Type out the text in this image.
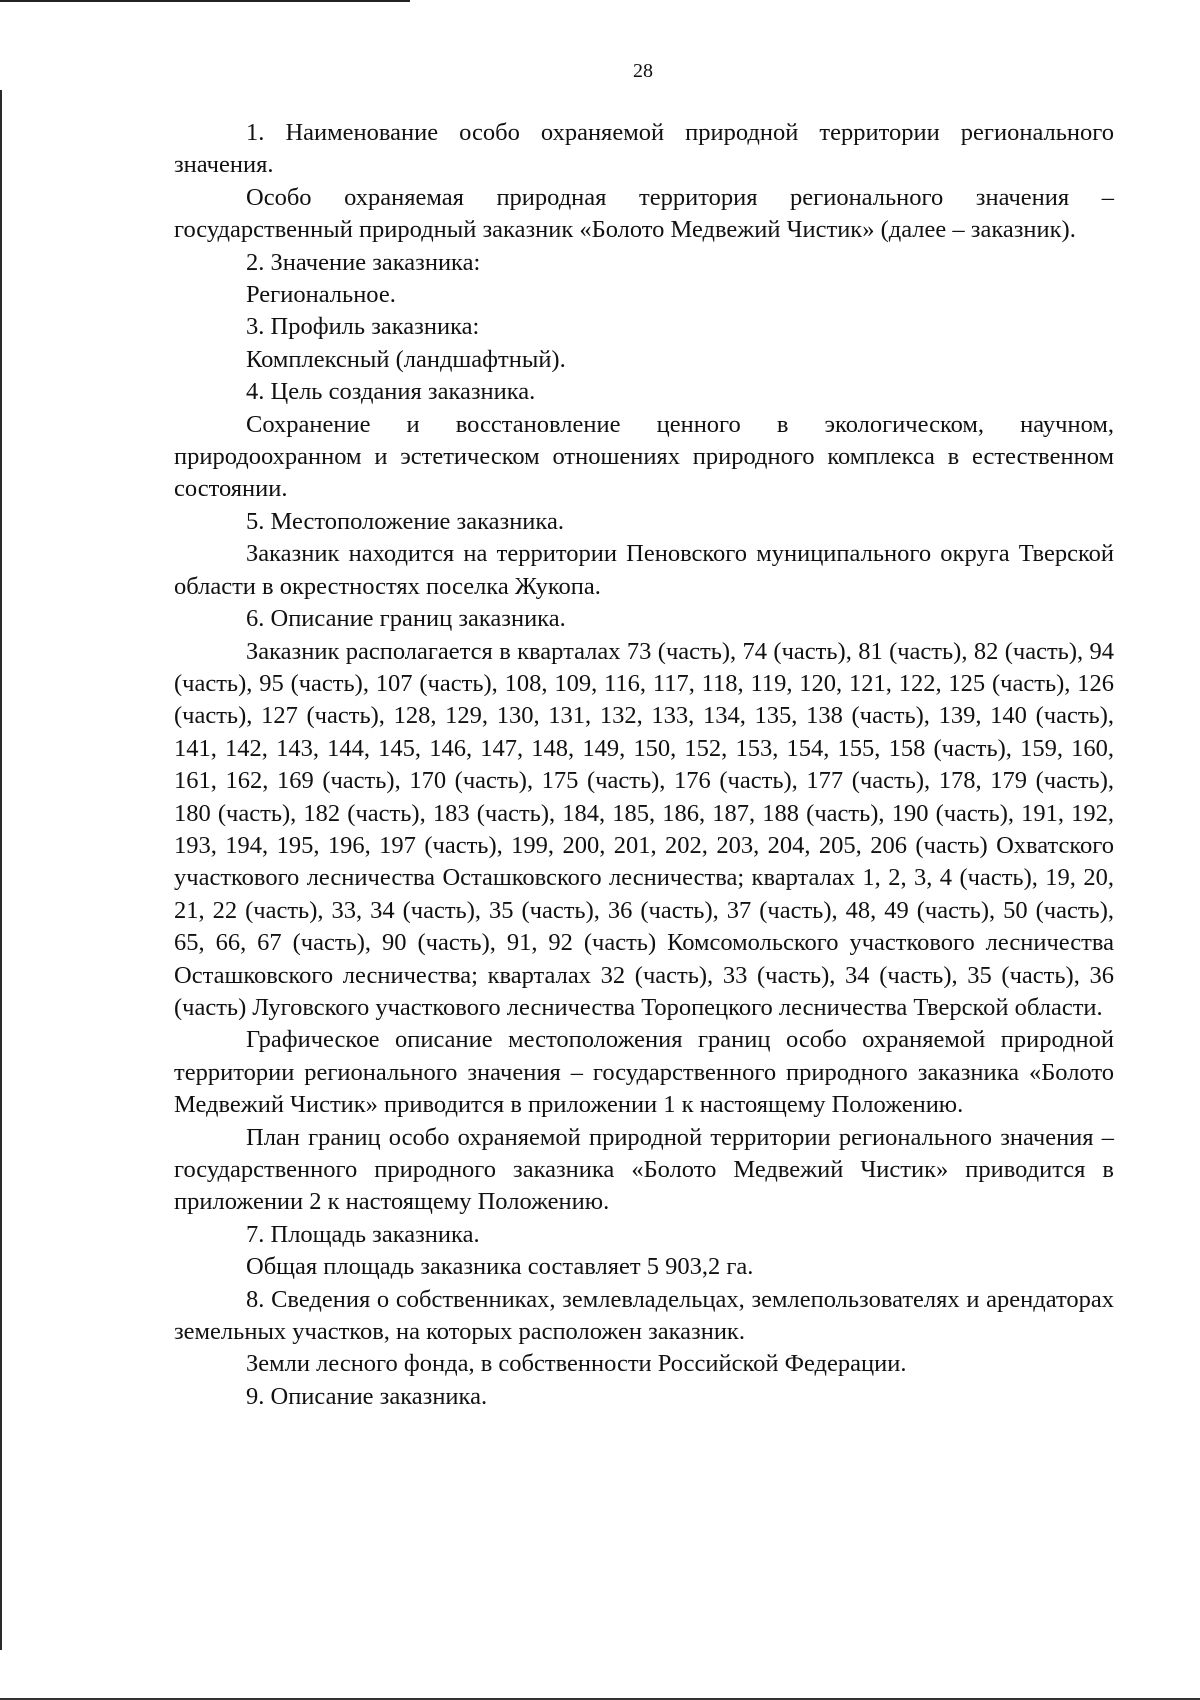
28

1. Наименование особо охраняемой природной территории регионального значения.

Особо охраняемая природная территория регионального значения – государственный природный заказник «Болото Медвежий Чистик» (далее – заказник).

2. Значение заказника:

Региональное.

3. Профиль заказника:

Комплексный (ландшафтный).

4. Цель создания заказника.

Сохранение и восстановление ценного в экологическом, научном, природоохранном и эстетическом отношениях природного комплекса в естественном состоянии.

5. Местоположение заказника.

Заказник находится на территории Пеновского муниципального округа Тверской области в окрестностях поселка Жукопа.

6. Описание границ заказника.

Заказник располагается в кварталах 73 (часть), 74 (часть), 81 (часть), 82 (часть), 94 (часть), 95 (часть), 107 (часть), 108, 109, 116, 117, 118, 119, 120, 121, 122, 125 (часть), 126 (часть), 127 (часть), 128, 129, 130, 131, 132, 133, 134, 135, 138 (часть), 139, 140 (часть), 141, 142, 143, 144, 145, 146, 147, 148, 149, 150, 152, 153, 154, 155, 158 (часть), 159, 160, 161, 162, 169 (часть), 170 (часть), 175 (часть), 176 (часть), 177 (часть), 178, 179 (часть), 180 (часть), 182 (часть), 183 (часть), 184, 185, 186, 187, 188 (часть), 190 (часть), 191, 192, 193, 194, 195, 196, 197 (часть), 199, 200, 201, 202, 203, 204, 205, 206 (часть) Охватского участкового лесничества Осташковского лесничества; кварталах 1, 2, 3, 4 (часть), 19, 20, 21, 22 (часть), 33, 34 (часть), 35 (часть), 36 (часть), 37 (часть), 48, 49 (часть), 50 (часть), 65, 66, 67 (часть), 90 (часть), 91, 92 (часть) Комсомольского участкового лесничества Осташковского лесничества; кварталах 32 (часть), 33 (часть), 34 (часть), 35 (часть), 36 (часть) Луговского участкового лесничества Торопецкого лесничества Тверской области.

Графическое описание местоположения границ особо охраняемой природной территории регионального значения – государственного природного заказника «Болото Медвежий Чистик» приводится в приложении 1 к настоящему Положению.

План границ особо охраняемой природной территории регионального значения – государственного природного заказника «Болото Медвежий Чистик» приводится в приложении 2 к настоящему Положению.

7. Площадь заказника.

Общая площадь заказника составляет 5 903,2 га.

8. Сведения о собственниках, землевладельцах, землепользователях и арендаторах земельных участков, на которых расположен заказник.

Земли лесного фонда, в собственности Российской Федерации.

9. Описание заказника.
